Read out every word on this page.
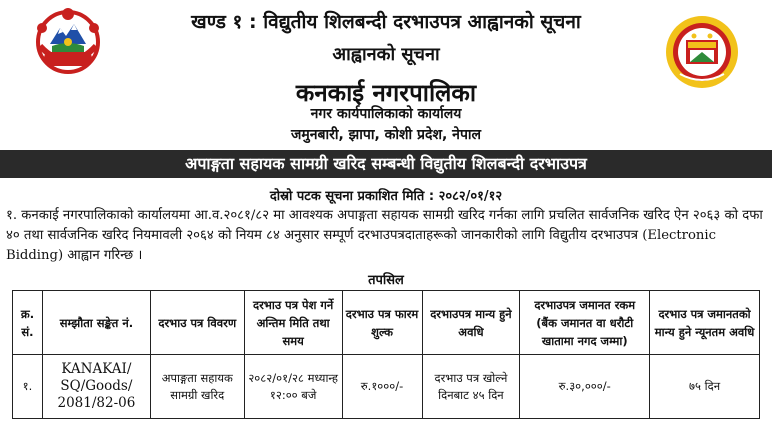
खण्ड १ : विद्युतीय शिलबन्दी दरभाउपत्र आह्वानको सूचना
आह्वानको सूचना
कनकाई नगरपालिका
नगर कार्यपालिकाको कार्यालय
जमुनबारी, झापा, कोशी प्रदेश, नेपाल
अपाङ्गता सहायक सामग्री खरिद सम्बन्धी विद्युतीय शिलबन्दी दरभाउपत्र
दोस्रो पटक सूचना प्रकाशित मिति : २०८२/०१/१२
१. कनकाई नगरपालिकाको कार्यालयमा आ.व.२०८१/८२ मा आवश्यक अपाङ्गता सहायक सामग्री खरिद गर्नका लागि प्रचलित सार्वजनिक खरिद ऐन २०६३ को दफा ४० तथा सार्वजनिक खरिद नियमावली २०६४ को नियम ८४ अनुसार सम्पूर्ण दरभाउपत्रदाताहरूको जानकारीको लागि विद्युतीय दरभाउपत्र (Electronic Bidding) आह्वान गरिन्छ ।
तपसिल
क्र. सं.	सम्झौता सङ्केत नं.	दरभाउ पत्र विवरण	दरभाउ पत्र पेश गर्ने अन्तिम मिति तथा समय	दरभाउ पत्र फारम शुल्क	दरभाउपत्र मान्य हुने अवधि	दरभाउपत्र जमानत रकम (बैंक जमानत वा धरौटी खातामा नगद जम्मा)	दरभाउ पत्र जमानतको मान्य हुने न्यूनतम अवधि
१.	KANAKAI/ SQ/Goods/ 2081/82-06	अपाङ्गता सहायक सामग्री खरिद	२०८२/०१/२८ मध्यान्ह १२:०० बजे	रु.१०००/-	दरभाउ पत्र खोल्ने दिनबाट ४५ दिन	रु.३०,०००/-	७५ दिन
